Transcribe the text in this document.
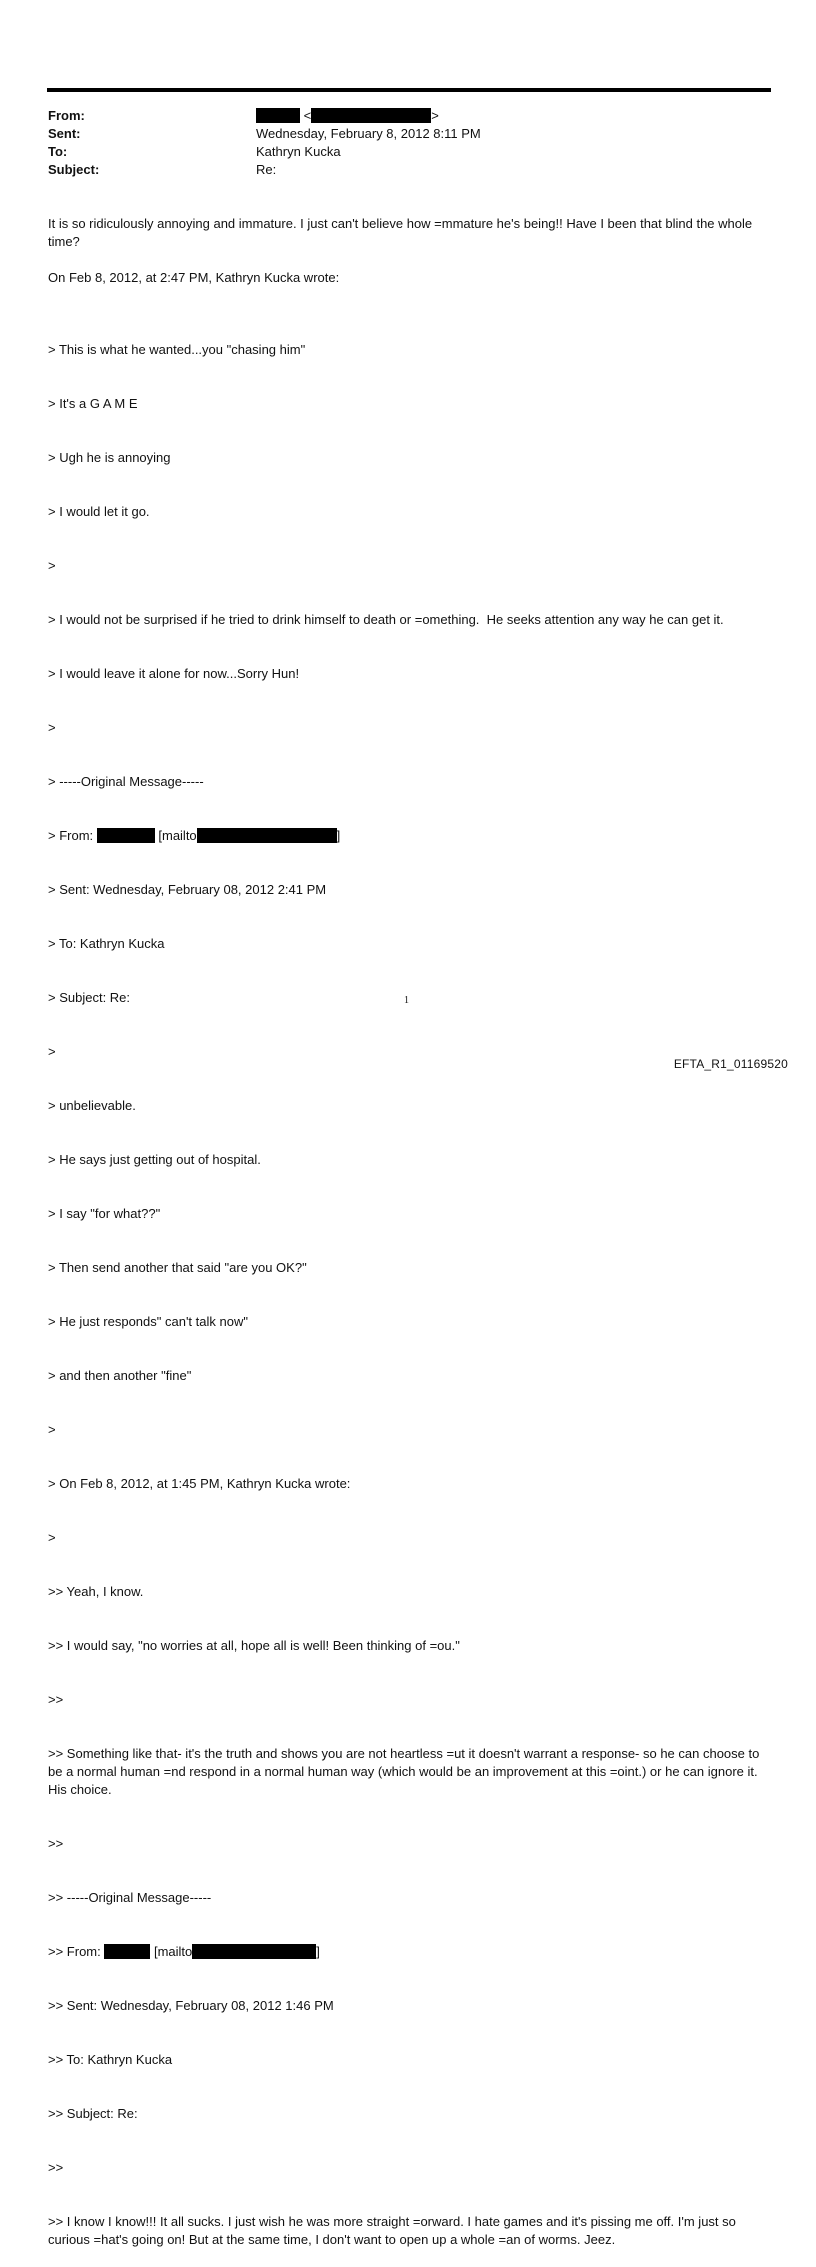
From:	<	>
Sent:	Wednesday, February 8, 2012 8:11 PM
To:	Kathryn Kucka
Subject:	Re:
It is so ridiculously annoying and immature. I just can't believe how =mmature he's being!! Have I been that blind the whole time?
On Feb 8, 2012, at 2:47 PM, Kathryn Kucka wrote:

> This is what he wanted...you "chasing him"

> It's a G A M E

> Ugh he is annoying

> I would let it go.

>

> I would not be surprised if he tried to drink himself to death or =omething.  He seeks attention any way he can get it.

> I would leave it alone for now...Sorry Hun!

>

> -----Original Message-----

> From:	[mailto	]

> Sent: Wednesday, February 08, 2012 2:41 PM

> To: Kathryn Kucka

> Subject: Re:

>

> unbelievable.

> He says just getting out of hospital.

> I say "for what??"

> Then send another that said "are you OK?"

> He just responds" can't talk now"

> and then another "fine"

>

> On Feb 8, 2012, at 1:45 PM, Kathryn Kucka wrote:

>

>> Yeah, I know.

>> I would say, "no worries at all, hope all is well! Been thinking of =ou."

>>

>> Something like that- it's the truth and shows you are not heartless =ut it doesn't warrant a response- so he can choose to be a normal human =nd respond in a normal human way (which would be an improvement at this =oint.) or he can ignore it.  His choice.

>>

>> -----Original Message-----

>> From:	[mailto	]

>> Sent: Wednesday, February 08, 2012 1:46 PM

>> To: Kathryn Kucka

>> Subject: Re:

>>

>> I know I know!!! It all sucks. I just wish he was more straight =orward. I hate games and it's pissing me off. I'm just so curious =hat's going on! But at the same time, I don't want to open up a whole =an of worms. Jeez.

1
EFTA_R1_01169520
